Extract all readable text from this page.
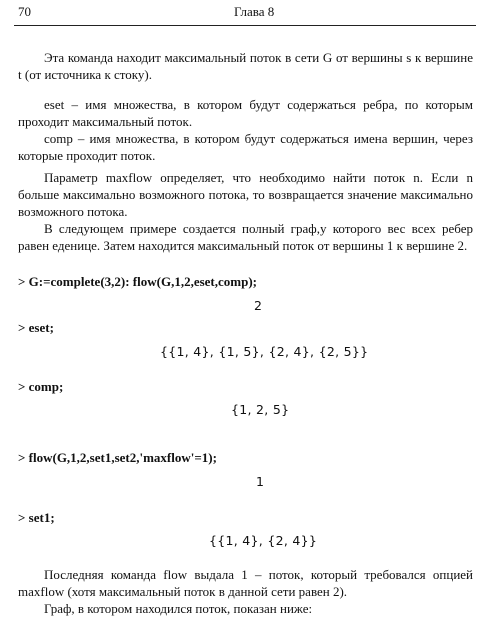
70	Глава 8

Эта команда находит максимальный поток в сети G от вершины s к вершине t (от источника к стоку).

eset – имя множества, в котором будут содержаться ребра, по которым проходит максимальный поток.

comp – имя множества, в котором будут содержаться имена вершин, через которые проходит поток.

Параметр maxflow определяет, что необходимо найти поток n. Если n больше максимально возможного потока, то возвращается значение максимально возможного потока.

В следующем примере создается полный граф,у которого вес всех ребер равен еденице. Затем находится максимальный поток от вершины 1 к вершине 2.

> G:=complete(3,2): flow(G,1,2,eset,comp);
2
> eset;
{{1, 4}, {1, 5}, {2, 4}, {2, 5}}
> comp;
{1, 2, 5}
> flow(G,1,2,set1,set2,'maxflow'=1);
1
> set1;
{{1, 4}, {2, 4}}

Последняя команда flow выдала 1 – поток, который требовался опцией maxflow (хотя максимальный поток в данной сети равен 2).

Граф, в котором находился поток, показан ниже:
